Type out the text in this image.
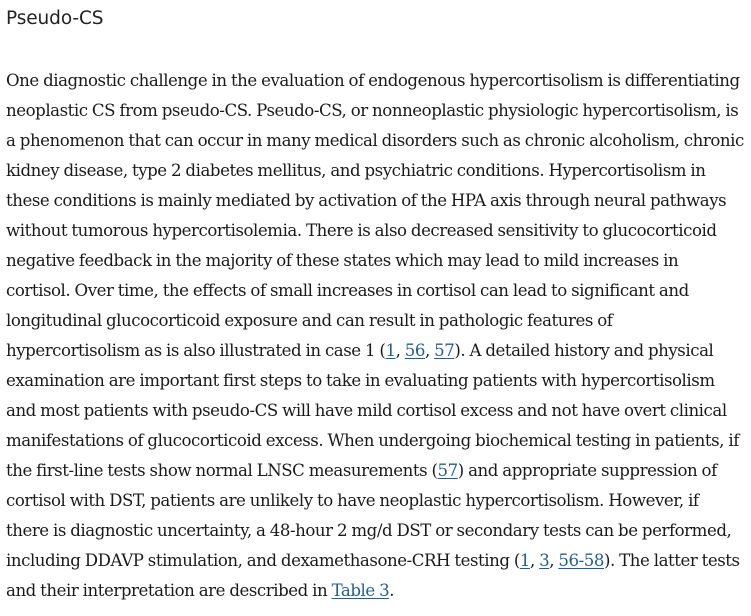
Pseudo-CS

One diagnostic challenge in the evaluation of endogenous hypercortisolism is differentiating neoplastic CS from pseudo-CS. Pseudo-CS, or nonneoplastic physiologic hypercortisolism, is a phenomenon that can occur in many medical disorders such as chronic alcoholism, chronic kidney disease, type 2 diabetes mellitus, and psychiatric conditions. Hypercortisolism in these conditions is mainly mediated by activation of the HPA axis through neural pathways without tumorous hypercortisolemia. There is also decreased sensitivity to glucocorticoid negative feedback in the majority of these states which may lead to mild increases in cortisol. Over time, the effects of small increases in cortisol can lead to significant and longitudinal glucocorticoid exposure and can result in pathologic features of hypercortisolism as is also illustrated in case 1 (1, 56, 57). A detailed history and physical examination are important first steps to take in evaluating patients with hypercortisolism and most patients with pseudo-CS will have mild cortisol excess and not have overt clinical manifestations of glucocorticoid excess. When undergoing biochemical testing in patients, if the first-line tests show normal LNSC measurements (57) and appropriate suppression of cortisol with DST, patients are unlikely to have neoplastic hypercortisolism. However, if there is diagnostic uncertainty, a 48-hour 2 mg/d DST or secondary tests can be performed, including DDAVP stimulation, and dexamethasone-CRH testing (1, 3, 56-58). The latter tests and their interpretation are described in Table 3.
